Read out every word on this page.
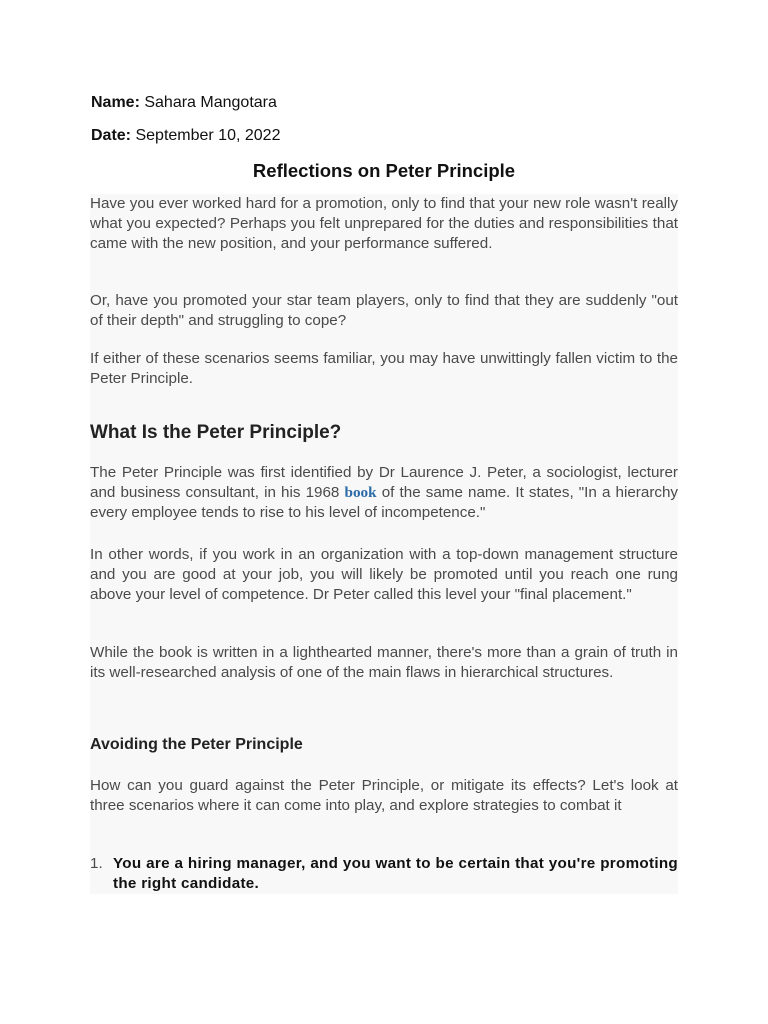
Name: Sahara Mangotara
Date: September 10, 2022
Reflections on Peter Principle

Have you ever worked hard for a promotion, only to find that your new role wasn't really what you expected? Perhaps you felt unprepared for the duties and responsibilities that came with the new position, and your performance suffered.

Or, have you promoted your star team players, only to find that they are suddenly "out of their depth" and struggling to cope?

If either of these scenarios seems familiar, you may have unwittingly fallen victim to the Peter Principle.

What Is the Peter Principle?

The Peter Principle was first identified by Dr Laurence J. Peter, a sociologist, lecturer and business consultant, in his 1968 book of the same name. It states, "In a hierarchy every employee tends to rise to his level of incompetence."

In other words, if you work in an organization with a top-down management structure and you are good at your job, you will likely be promoted until you reach one rung above your level of competence. Dr Peter called this level your "final placement."

While the book is written in a lighthearted manner, there's more than a grain of truth in its well-researched analysis of one of the main flaws in hierarchical structures.

Avoiding the Peter Principle

How can you guard against the Peter Principle, or mitigate its effects? Let's look at three scenarios where it can come into play, and explore strategies to combat it

1. You are a hiring manager, and you want to be certain that you're promoting the right candidate.
